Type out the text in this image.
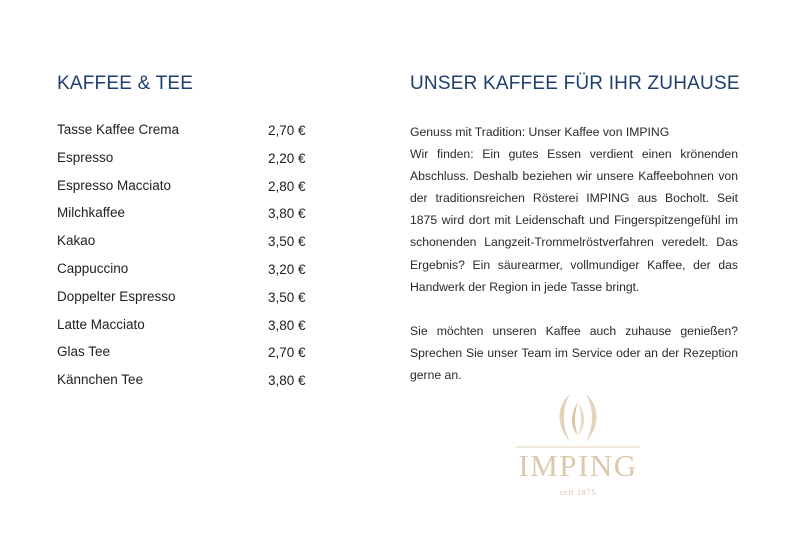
KAFFEE & TEE
Tasse Kaffee Crema	2,70 €
Espresso	2,20 €
Espresso Macciato	2,80 €
Milchkaffee	3,80 €
Kakao	3,50 €
Cappuccino	3,20 €
Doppelter Espresso	3,50 €
Latte Macciato	3,80 €
Glas Tee	2,70 €
Kännchen Tee	3,80 €
UNSER KAFFEE FÜR IHR ZUHAUSE

Genuss mit Tradition: Unser Kaffee von IMPING

Wir finden: Ein gutes Essen verdient einen krönenden Abschluss. Deshalb beziehen wir unsere Kaffeebohnen von der traditionsreichen Rösterei IMPING aus Bocholt. Seit 1875 wird dort mit Leidenschaft und Fingerspitzengefühl im schonenden Langzeit-Trommelröstverfahren veredelt. Das Ergebnis? Ein säurearmer, vollmundiger Kaffee, der das Handwerk der Region in jede Tasse bringt.

Sie möchten unseren Kaffee auch zuhause genießen? Sprechen Sie unser Team im Service oder an der Rezeption gerne an.

IMPING
seit 1875
